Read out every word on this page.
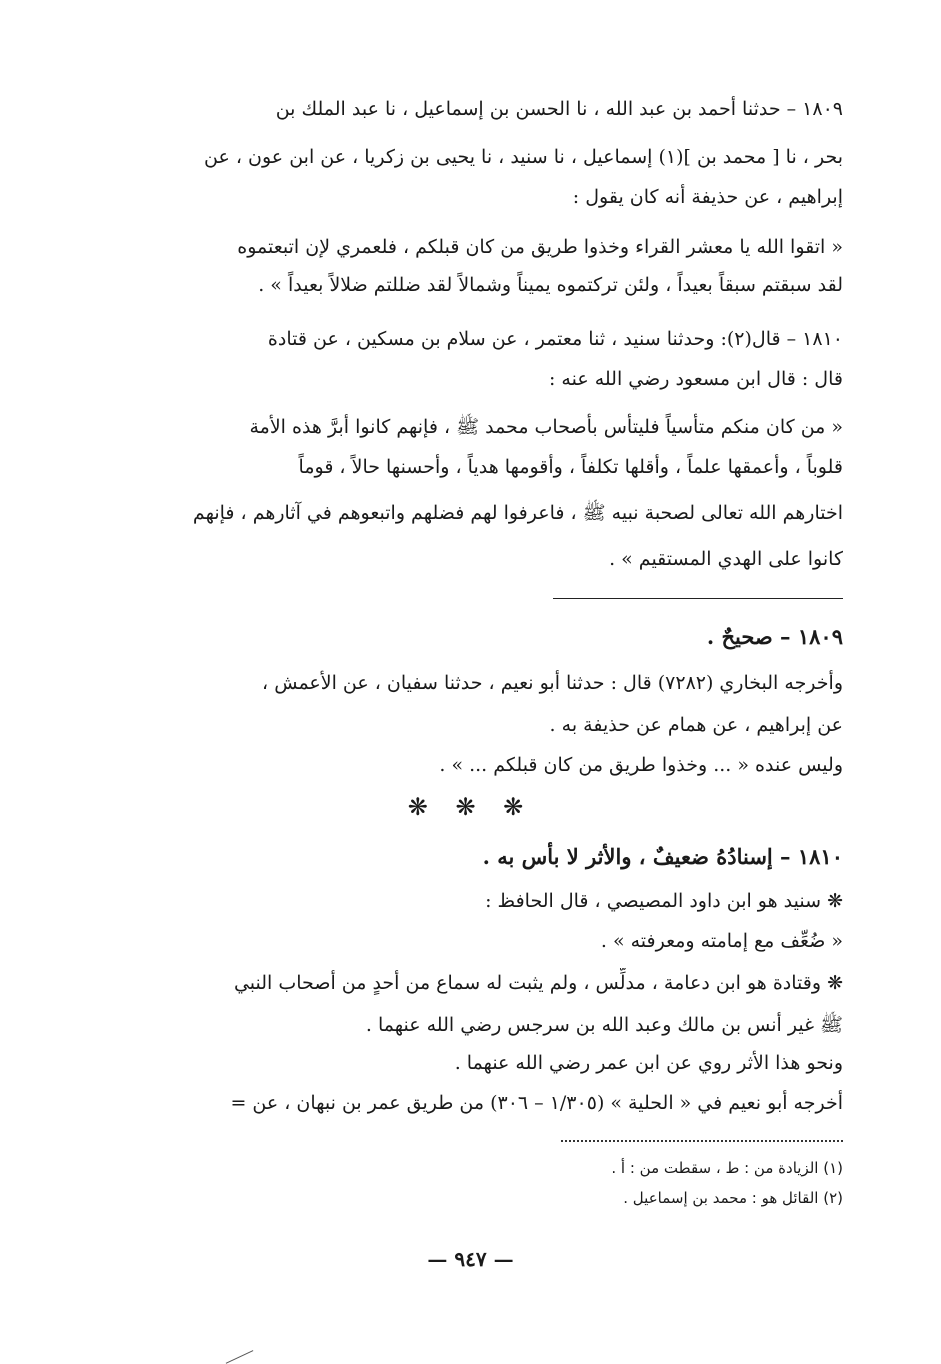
١٨٠٩ – حدثنا أحمد بن عبد الله ، نا الحسن بن إسماعيل ، نا عبد الملك بن
بحر ، نا [ محمد بن ](١) إسماعيل ، نا سنيد ، نا يحيى بن زكريا ، عن ابن عون ، عن
إبراهيم ، عن حذيفة أنه كان يقول :
« اتقوا الله يا معشر القراء وخذوا طريق من كان قبلكم ، فلعمري لإن اتبعتموه
لقد سبقتم سبقاً بعيداً ، ولئن تركتموه يميناً وشمالاً لقد ضللتم ضلالاً بعيداً » .
١٨١٠ – قال(٢): وحدثنا سنيد ، ثنا معتمر ، عن سلام بن مسكين ، عن قتادة
قال : قال ابن مسعود رضي الله عنه :
« من كان منكم متأسياً فليتأس بأصحاب محمد ﷺ ، فإنهم كانوا أبرَّ هذه الأمة
قلوباً ، وأعمقها علماً ، وأقلها تكلفاً ، وأقومها هدياً ، وأحسنها حالاً ، قوماً
اختارهم الله تعالى لصحبة نبيه ﷺ ، فاعرفوا لهم فضلهم واتبعوهم في آثارهم ، فإنهم
كانوا على الهدي المستقيم » .
١٨٠٩ – صحيحٌ .
وأخرجه البخاري (٧٢٨٢) قال : حدثنا أبو نعيم ، حدثنا سفيان ، عن الأعمش ،
عن إبراهيم ، عن همام عن حذيفة به .
وليس عنده « ... وخذوا طريق من كان قبلكم ... » .
١٨١٠ – إسنادُهُ ضعيفٌ ، والأثر لا بأس به .
❋ سنيد هو ابن داود المصيصي ، قال الحافظ :
« ضُعِّف مع إمامته ومعرفته » .
❋ وقتادة هو ابن دعامة ، مدلِّس ، ولم يثبت له سماع من أحدٍ من أصحاب النبي
ﷺ غير أنس بن مالك وعبد الله بن سرجس رضي الله عنهما .
ونحو هذا الأثر روي عن ابن عمر رضي الله عنهما .
أخرجه أبو نعيم في « الحلية » (١/٣٠٥ – ٣٠٦) من طريق عمر بن نبهان ، عن =
❋ ❋ ❋
(١) الزيادة من : ط ، سقطت من : أ .
(٢) القائل هو : محمد بن إسماعيل .
— ٩٤٧ —
